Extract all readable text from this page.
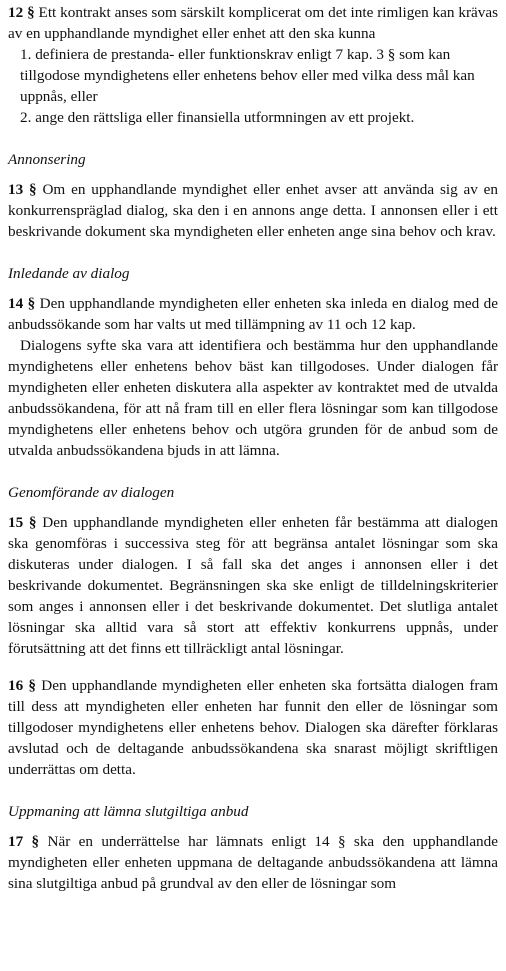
12 § Ett kontrakt anses som särskilt komplicerat om det inte rimligen kan krävas av en upphandlande myndighet eller enhet att den ska kunna

1. definiera de prestanda- eller funktionskrav enligt 7 kap. 3 § som kan tillgodose myndighetens eller enhetens behov eller med vilka dess mål kan uppnås, eller

2. ange den rättsliga eller finansiella utformningen av ett projekt.

Annonsering

13 § Om en upphandlande myndighet eller enhet avser att använda sig av en konkurrenspräglad dialog, ska den i en annons ange detta. I annonsen eller i ett beskrivande dokument ska myndigheten eller enheten ange sina behov och krav.

Inledande av dialog

14 § Den upphandlande myndigheten eller enheten ska inleda en dialog med de anbudssökande som har valts ut med tillämpning av 11 och 12 kap.

Dialogens syfte ska vara att identifiera och bestämma hur den upphandlande myndighetens eller enhetens behov bäst kan tillgodoses. Under dialogen får myndigheten eller enheten diskutera alla aspekter av kontraktet med de utvalda anbudssökandena, för att nå fram till en eller flera lösningar som kan tillgodose myndighetens eller enhetens behov och utgöra grunden för de anbud som de utvalda anbudssökandena bjuds in att lämna.

Genomförande av dialogen

15 § Den upphandlande myndigheten eller enheten får bestämma att dialogen ska genomföras i successiva steg för att begränsa antalet lösningar som ska diskuteras under dialogen. I så fall ska det anges i annonsen eller i det beskrivande dokumentet. Begränsningen ska ske enligt de tilldelningskriterier som anges i annonsen eller i det beskrivande dokumentet. Det slutliga antalet lösningar ska alltid vara så stort att effektiv konkurrens uppnås, under förutsättning att det finns ett tillräckligt antal lösningar.

16 § Den upphandlande myndigheten eller enheten ska fortsätta dialogen fram till dess att myndigheten eller enheten har funnit den eller de lösningar som tillgodoser myndighetens eller enhetens behov. Dialogen ska därefter förklaras avslutad och de deltagande anbudssökandena ska snarast möjligt skriftligen underrättas om detta.

Uppmaning att lämna slutgiltiga anbud

17 § När en underrättelse har lämnats enligt 14 § ska den upphandlande myndigheten eller enheten uppmana de deltagande anbudssökandena att lämna sina slutgiltiga anbud på grundval av den eller de lösningar som
